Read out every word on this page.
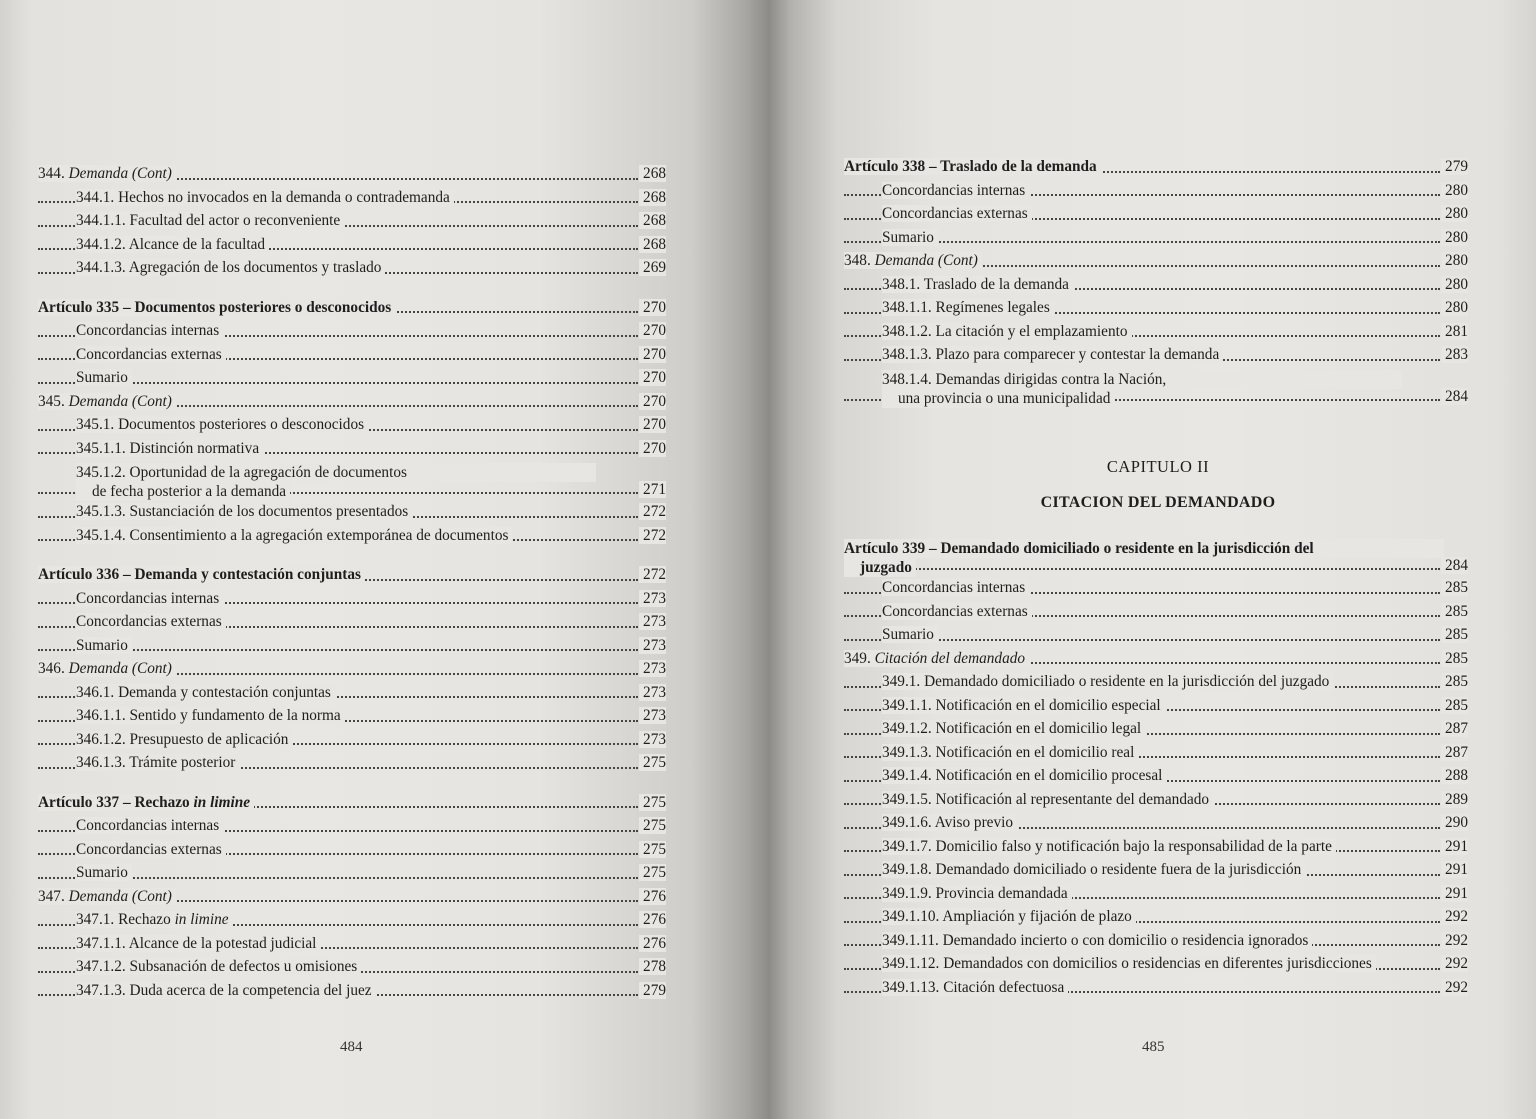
344. Demanda (Cont)	268
344.1. Hechos no invocados en la demanda o contrademanda	268
344.1.1. Facultad del actor o reconveniente	268
344.1.2. Alcance de la facultad	268
344.1.3. Agregación de los documentos y traslado	269
Artículo 335 – Documentos posteriores o desconocidos	270
Concordancias internas	270
Concordancias externas	270
Sumario	270
345. Demanda (Cont)	270
345.1. Documentos posteriores o desconocidos	270
345.1.1. Distinción normativa	270
345.1.2. Oportunidad de la agregación de documentos
de fecha posterior a la demanda	271
345.1.3. Sustanciación de los documentos presentados	272
345.1.4. Consentimiento a la agregación extemporánea de documentos	272
Artículo 336 – Demanda y contestación conjuntas	272
Concordancias internas	273
Concordancias externas	273
Sumario	273
346. Demanda (Cont)	273
346.1. Demanda y contestación conjuntas	273
346.1.1. Sentido y fundamento de la norma	273
346.1.2. Presupuesto de aplicación	273
346.1.3. Trámite posterior	275
Artículo 337 – Rechazo in limine	275
Concordancias internas	275
Concordancias externas	275
Sumario	275
347. Demanda (Cont)	276
347.1. Rechazo in limine	276
347.1.1. Alcance de la potestad judicial	276
347.1.2. Subsanación de defectos u omisiones	278
347.1.3. Duda acerca de la competencia del juez	279
484
Artículo 338 – Traslado de la demanda	279
Concordancias internas	280
Concordancias externas	280
Sumario	280
348. Demanda (Cont)	280
348.1. Traslado de la demanda	280
348.1.1. Regímenes legales	280
348.1.2. La citación y el emplazamiento	281
348.1.3. Plazo para comparecer y contestar la demanda	283
348.1.4. Demandas dirigidas contra la Nación,
una provincia o una municipalidad	284
CAPITULO II
CITACION DEL DEMANDADO
Artículo 339 – Demandado domiciliado o residente en la jurisdicción del
juzgado	284
Concordancias internas	285
Concordancias externas	285
Sumario	285
349. Citación del demandado	285
349.1. Demandado domiciliado o residente en la jurisdicción del juzgado	285
349.1.1. Notificación en el domicilio especial	285
349.1.2. Notificación en el domicilio legal	287
349.1.3. Notificación en el domicilio real	287
349.1.4. Notificación en el domicilio procesal	288
349.1.5. Notificación al representante del demandado	289
349.1.6. Aviso previo	290
349.1.7. Domicilio falso y notificación bajo la responsabilidad de la parte	291
349.1.8. Demandado domiciliado o residente fuera de la jurisdicción	291
349.1.9. Provincia demandada	291
349.1.10. Ampliación y fijación de plazo	292
349.1.11. Demandado incierto o con domicilio o residencia ignorados	292
349.1.12. Demandados con domicilios o residencias en diferentes jurisdicciones	292
349.1.13. Citación defectuosa	292
485
